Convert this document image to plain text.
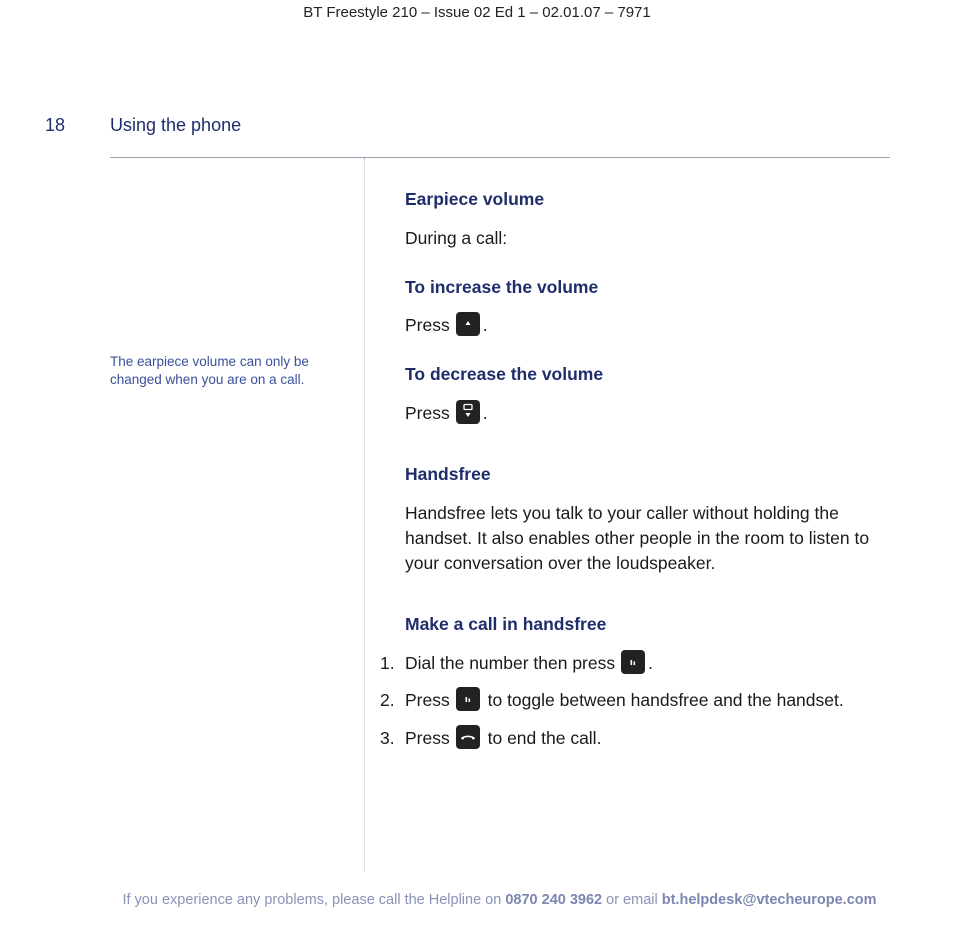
BT Freestyle 210 – Issue 02 Ed 1 – 02.01.07 – 7971
18 Using the phone
The earpiece volume can only be changed when you are on a call.
Earpiece volume
During a call:
To increase the volume
Press .
To decrease the volume
Press .
Handsfree
Handsfree lets you talk to your caller without holding the handset. It also enables other people in the room to listen to your conversation over the loudspeaker.
Make a call in handsfree
1. Dial the number then press .
2. Press to toggle between handsfree and the handset.
3. Press to end the call.
If you experience any problems, please call the Helpline on 0870 240 3962 or email bt.helpdesk@vtecheurope.com
